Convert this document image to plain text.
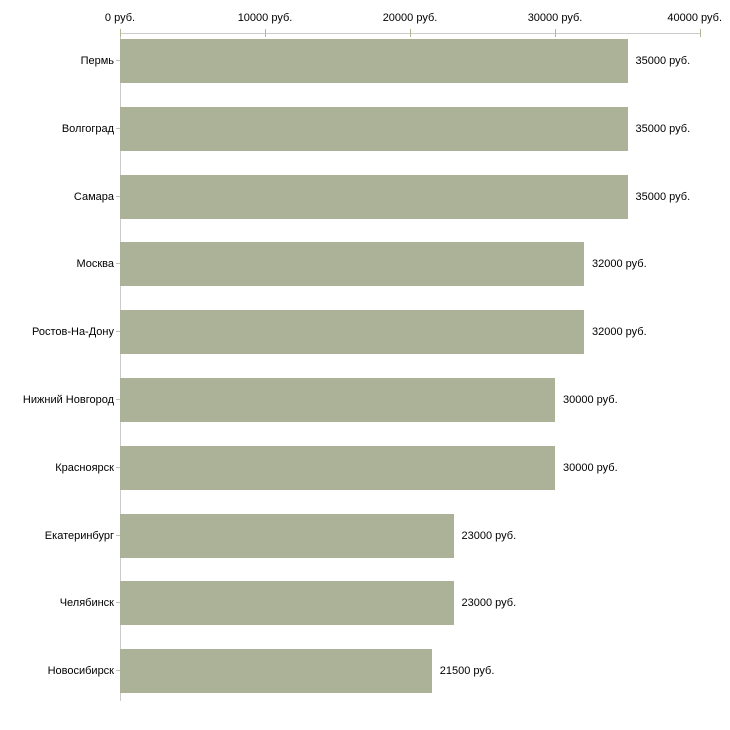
0 руб.	10000 руб.	20000 руб.	30000 руб.	40000 руб.
Пермь	35000 руб.
Волгоград	35000 руб.
Самара	35000 руб.
Москва	32000 руб.
Ростов-На-Дону	32000 руб.
Нижний Новгород	30000 руб.
Красноярск	30000 руб.
Екатеринбург	23000 руб.
Челябинск	23000 руб.
Новосибирск	21500 руб.
